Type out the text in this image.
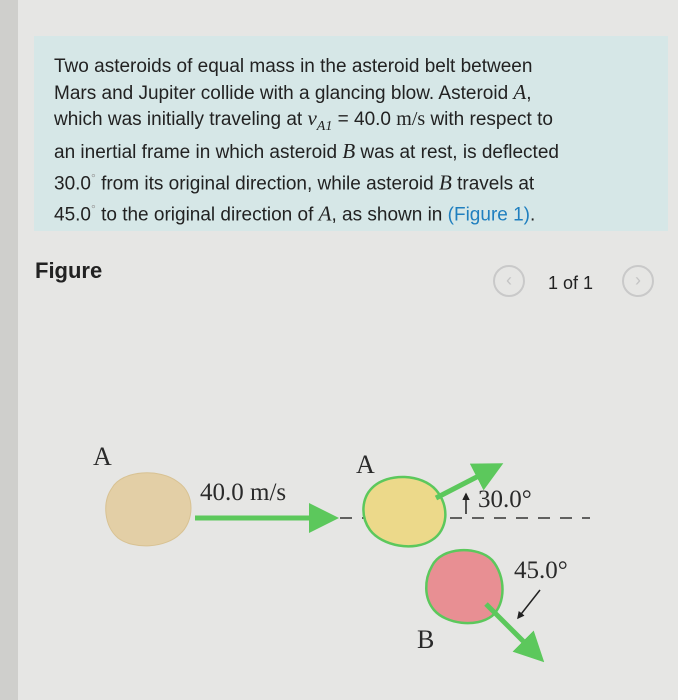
Two asteroids of equal mass in the asteroid belt between
Mars and Jupiter collide with a glancing blow. Asteroid A,
which was initially traveling at $v_{A1} = 40.0$ m/s with respect to
an inertial frame in which asteroid B was at rest, is deflected
30.0° from its original direction, while asteroid B travels at
45.0° to the original direction of A, as shown in (Figure 1).

Figure	‹	1 of 1	›
A
40.0 m/s
A
30.0°
B
45.0°
